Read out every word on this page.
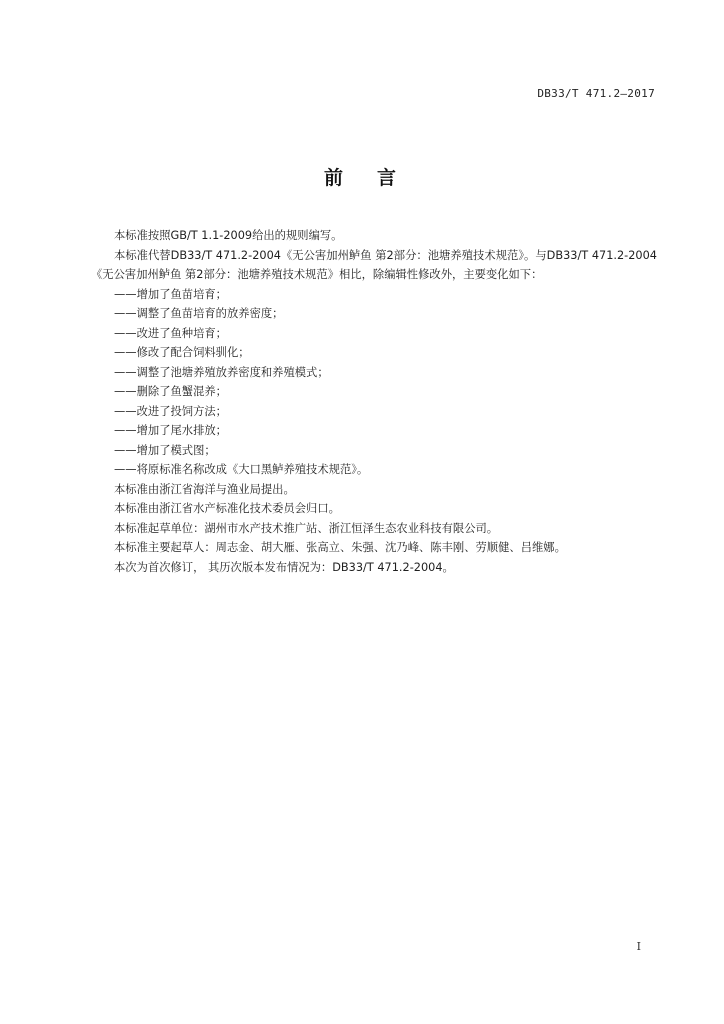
DB33/T 471.2—2017
前 言

本标准按照GB/T 1.1-2009给出的规则编写。

本标准代替DB33/T 471.2-2004《无公害加州鲈鱼 第2部分：池塘养殖技术规范》。与DB33/T 471.2-2004《无公害加州鲈鱼 第2部分：池塘养殖技术规范》相比，除编辑性修改外，主要变化如下：

——增加了鱼苗培育；
——调整了鱼苗培育的放养密度；
——改进了鱼种培育；
——修改了配合饲料驯化；
——调整了池塘养殖放养密度和养殖模式；
——删除了鱼蟹混养；
——改进了投饲方法；
——增加了尾水排放；
——增加了模式图；
——将原标准名称改成《大口黑鲈养殖技术规范》。

本标准由浙江省海洋与渔业局提出。

本标准由浙江省水产标准化技术委员会归口。

本标准起草单位：湖州市水产技术推广站、浙江恒泽生态农业科技有限公司。

本标准主要起草人：周志金、胡大雁、张高立、朱强、沈乃峰、陈丰刚、劳顺健、吕维娜。

本次为首次修订， 其历次版本发布情况为：DB33/T 471.2-2004。

I
